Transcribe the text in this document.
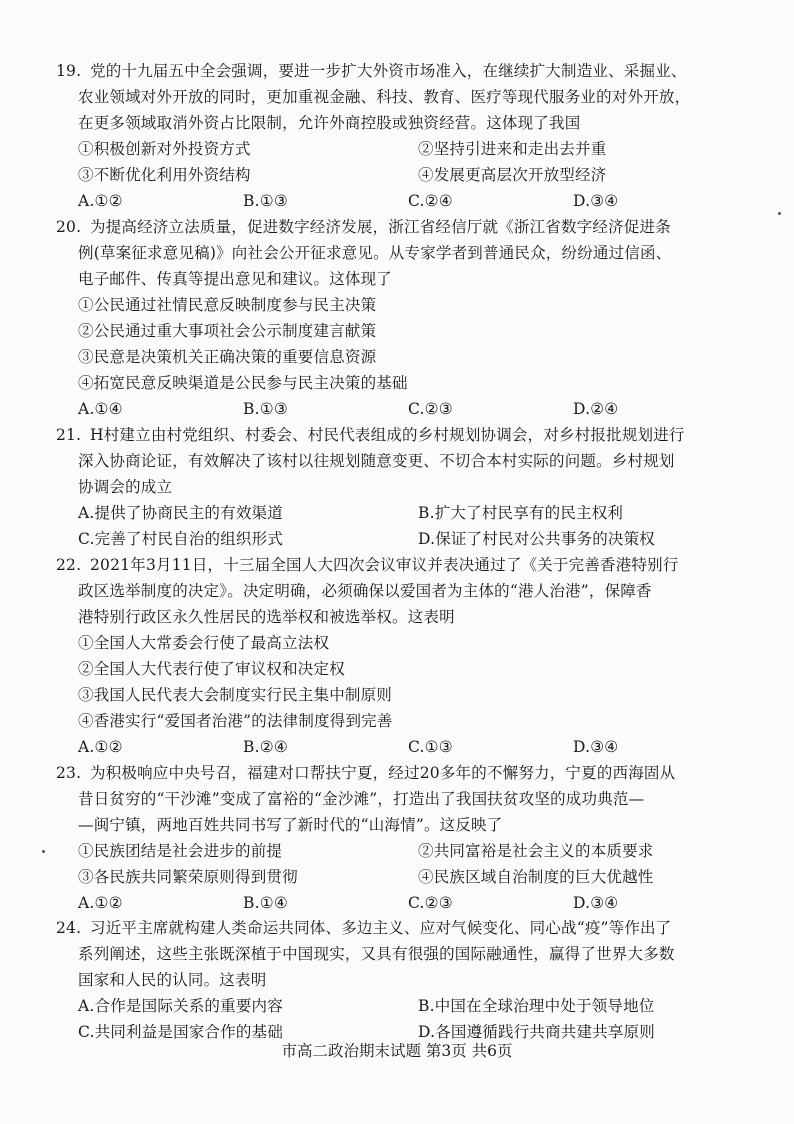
19. 党的十九届五中全会强调，要进一步扩大外资市场准入，在继续扩大制造业、采掘业、
农业领域对外开放的同时，更加重视金融、科技、教育、医疗等现代服务业的对外开放，
在更多领域取消外资占比限制，允许外商控股或独资经营。这体现了我国
①积极创新对外投资方式	②坚持引进来和走出去并重
③不断优化利用外资结构	④发展更高层次开放型经济
A.①②	B.①③	C.②④	D.③④
20. 为提高经济立法质量，促进数字经济发展，浙江省经信厅就《浙江省数字经济促进条
例(草案征求意见稿)》向社会公开征求意见。从专家学者到普通民众，纷纷通过信函、
电子邮件、传真等提出意见和建议。这体现了
①公民通过社情民意反映制度参与民主决策
②公民通过重大事项社会公示制度建言献策
③民意是决策机关正确决策的重要信息资源
④拓宽民意反映渠道是公民参与民主决策的基础
A.①④	B.①③	C.②③	D.②④
21. H村建立由村党组织、村委会、村民代表组成的乡村规划协调会，对乡村报批规划进行
深入协商论证，有效解决了该村以往规划随意变更、不切合本村实际的问题。乡村规划
协调会的成立
A.提供了协商民主的有效渠道	B.扩大了村民享有的民主权利
C.完善了村民自治的组织形式	D.保证了村民对公共事务的决策权
22. 2021年3月11日，十三届全国人大四次会议审议并表决通过了《关于完善香港特别行
政区选举制度的决定》。决定明确，必须确保以爱国者为主体的“港人治港”，保障香
港特别行政区永久性居民的选举权和被选举权。这表明
①全国人大常委会行使了最高立法权
②全国人大代表行使了审议权和决定权
③我国人民代表大会制度实行民主集中制原则
④香港实行“爱国者治港”的法律制度得到完善
A.①②	B.②④	C.①③	D.③④
23. 为积极响应中央号召，福建对口帮扶宁夏，经过20多年的不懈努力，宁夏的西海固从
昔日贫穷的“干沙滩”变成了富裕的“金沙滩”，打造出了我国扶贫攻坚的成功典范—
—闽宁镇，两地百姓共同书写了新时代的“山海情”。这反映了
①民族团结是社会进步的前提	②共同富裕是社会主义的本质要求
③各民族共同繁荣原则得到贯彻	④民族区域自治制度的巨大优越性
A.①②	B.①④	C.②③	D.③④
24. 习近平主席就构建人类命运共同体、多边主义、应对气候变化、同心战“疫”等作出了
系列阐述，这些主张既深植于中国现实，又具有很强的国际融通性，赢得了世界大多数
国家和人民的认同。这表明
A.合作是国际关系的重要内容	B.中国在全球治理中处于领导地位
C.共同利益是国家合作的基础	D.各国遵循践行共商共建共享原则
市高二政治期末试题 第3页 共6页
